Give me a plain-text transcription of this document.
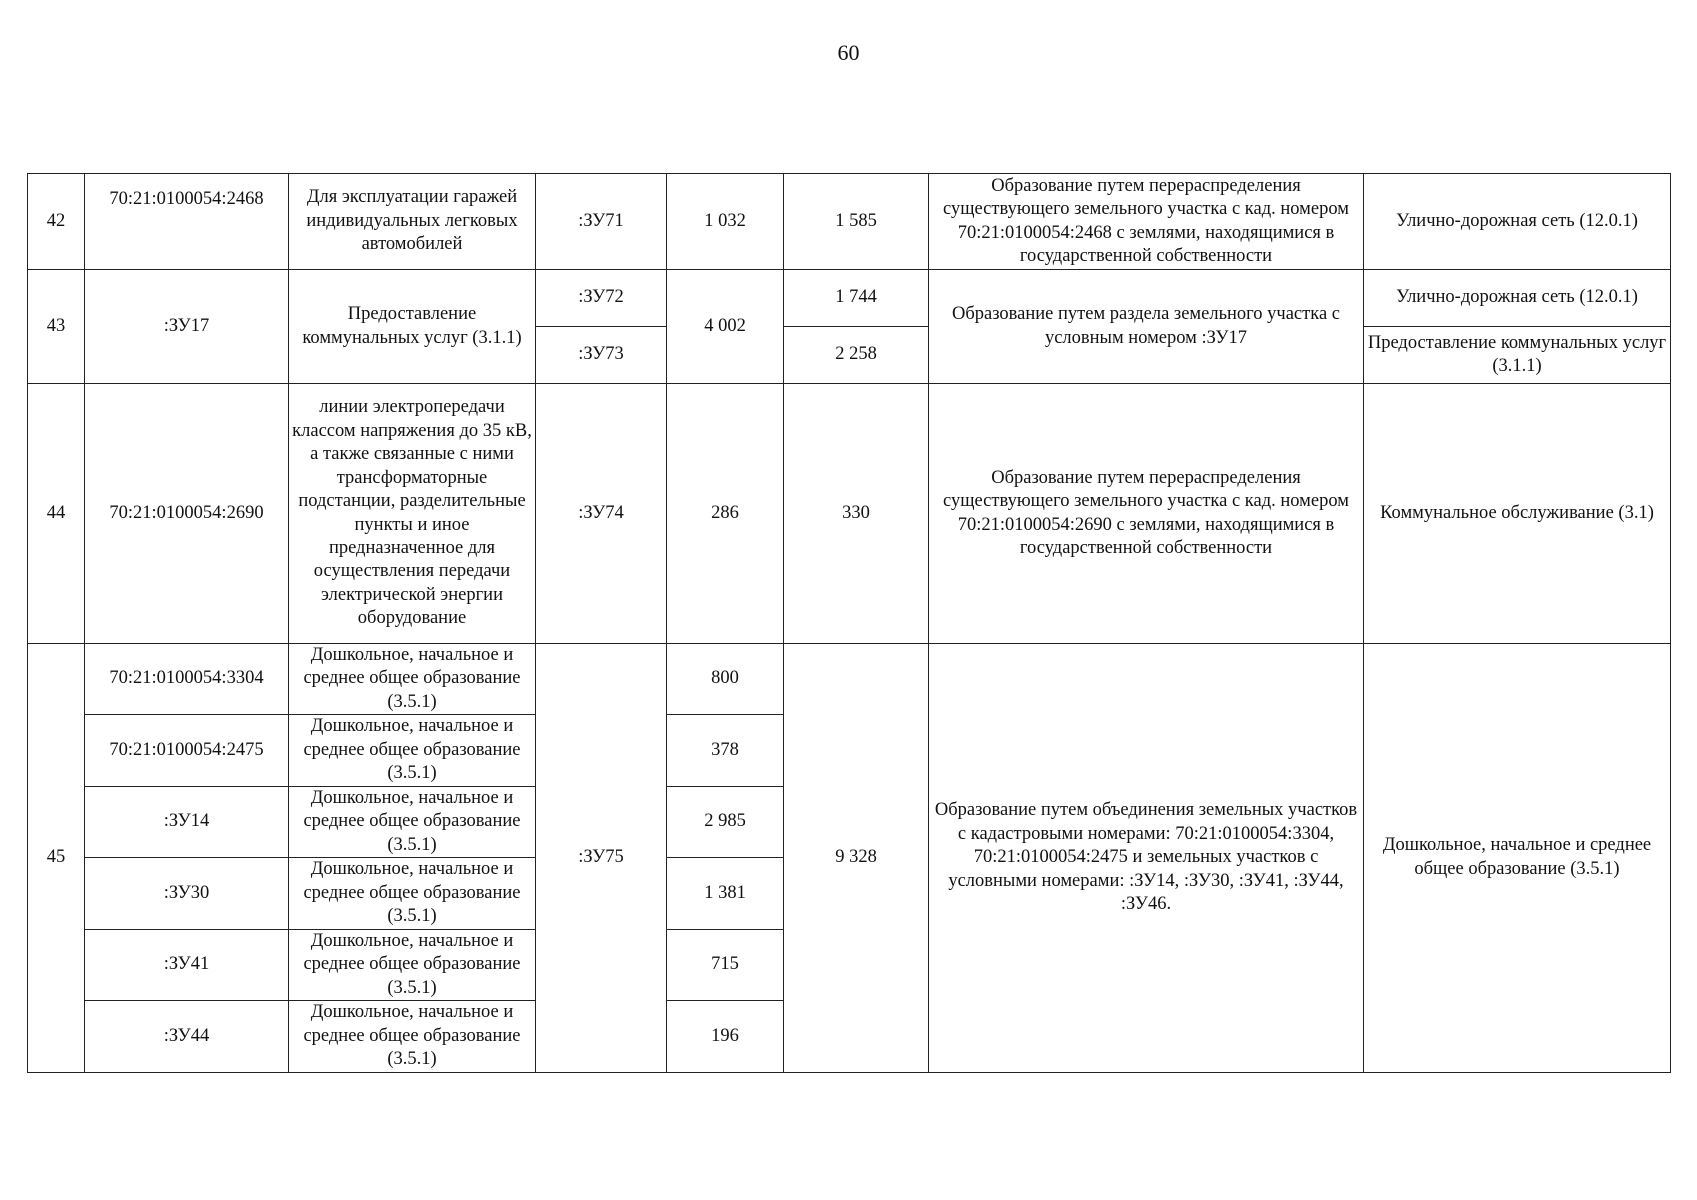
60
42	70:21:0100054:2468	Для эксплуатации гаражей индивидуальных легковых автомобилей	:ЗУ71	1 032	1 585	Образование путем перераспределения существующего земельного участка с кад. номером 70:21:0100054:2468 с землями, находящимися в государственной собственности	Улично-дорожная сеть (12.0.1)
43	:ЗУ17	Предоставление коммунальных услуг (3.1.1)	:ЗУ72	4 002	1 744	Образование путем раздела земельного участка с условным номером :ЗУ17	Улично-дорожная сеть (12.0.1)
			:ЗУ73		2 258		Предоставление коммунальных услуг (3.1.1)
44	70:21:0100054:2690	линии электропередачи классом напряжения до 35 кВ, а также связанные с ними трансформаторные подстанции, разделительные пункты и иное предназначенное для осуществления передачи электрической энергии оборудование	:ЗУ74	286	330	Образование путем перераспределения существующего земельного участка с кад. номером 70:21:0100054:2690 с землями, находящимися в государственной собственности	Коммунальное обслуживание (3.1)
45	70:21:0100054:3304	Дошкольное, начальное и среднее общее образование (3.5.1)	:ЗУ75	800	9 328	Образование путем объединения земельных участков с кадастровыми номерами: 70:21:0100054:3304, 70:21:0100054:2475 и земельных участков с условными номерами: :ЗУ14, :ЗУ30, :ЗУ41, :ЗУ44, :ЗУ46.	Дошкольное, начальное и среднее общее образование (3.5.1)
	70:21:0100054:2475	Дошкольное, начальное и среднее общее образование (3.5.1)		378			
	:ЗУ14	Дошкольное, начальное и среднее общее образование (3.5.1)		2 985			
	:ЗУ30	Дошкольное, начальное и среднее общее образование (3.5.1)		1 381			
	:ЗУ41	Дошкольное, начальное и среднее общее образование (3.5.1)		715			
	:ЗУ44	Дошкольное, начальное и среднее общее образование (3.5.1)		196			
